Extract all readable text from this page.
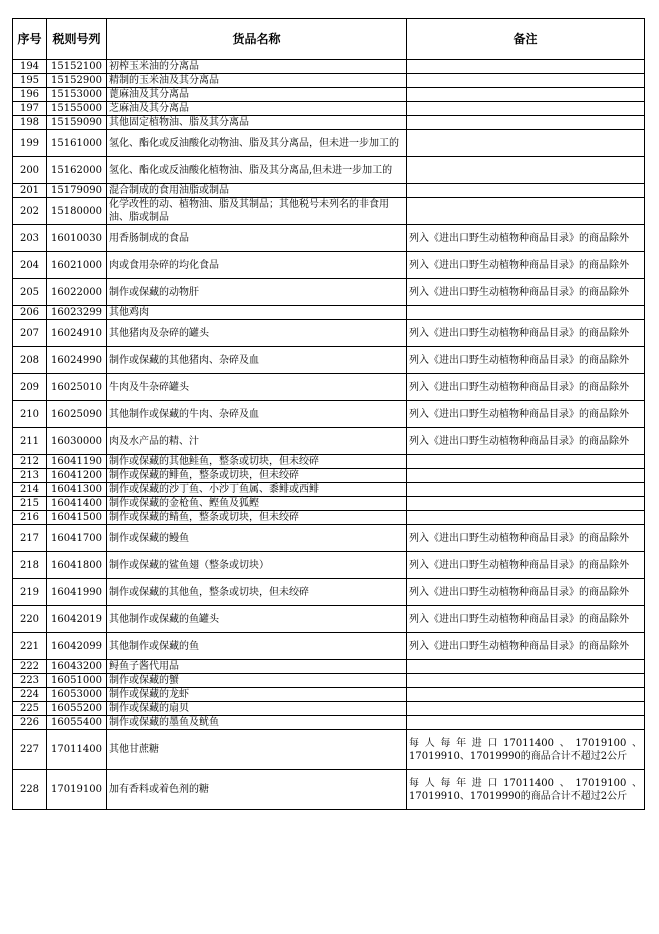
序号	税则号列	货品名称	备注
194	15152100	初榨玉米油的分离品	
195	15152900	精制的玉米油及其分离品	
196	15153000	蓖麻油及其分离品	
197	15155000	芝麻油及其分离品	
198	15159090	其他固定植物油、脂及其分离品	
199	15161000	氢化、酯化或反油酸化动物油、脂及其分离品，但未进一步加工的	
200	15162000	氢化、酯化或反油酸化植物油、脂及其分离品,但未进一步加工的	
201	15179090	混合制成的食用油脂或制品	
202	15180000	化学改性的动、植物油、脂及其制品；其他税号未列名的非食用油、脂或制品	
203	16010030	用香肠制成的食品	列入《进出口野生动植物种商品目录》的商品除外
204	16021000	肉或食用杂碎的均化食品	列入《进出口野生动植物种商品目录》的商品除外
205	16022000	制作或保藏的动物肝	列入《进出口野生动植物种商品目录》的商品除外
206	16023299	其他鸡肉	
207	16024910	其他猪肉及杂碎的罐头	列入《进出口野生动植物种商品目录》的商品除外
208	16024990	制作或保藏的其他猪肉、杂碎及血	列入《进出口野生动植物种商品目录》的商品除外
209	16025010	牛肉及牛杂碎罐头	列入《进出口野生动植物种商品目录》的商品除外
210	16025090	其他制作或保藏的牛肉、杂碎及血	列入《进出口野生动植物种商品目录》的商品除外
211	16030000	肉及水产品的精、汁	列入《进出口野生动植物种商品目录》的商品除外
212	16041190	制作或保藏的其他鲑鱼，整条或切块，但未绞碎	
213	16041200	制作或保藏的鲱鱼，整条或切块，但未绞碎	
214	16041300	制作或保藏的沙丁鱼、小沙丁鱼属、黍鲱或西鲱	
215	16041400	制作或保藏的金枪鱼、鲣鱼及狐鲣	
216	16041500	制作或保藏的鲭鱼，整条或切块，但未绞碎	
217	16041700	制作或保藏的鳗鱼	列入《进出口野生动植物种商品目录》的商品除外
218	16041800	制作或保藏的鲨鱼翅（整条或切块）	列入《进出口野生动植物种商品目录》的商品除外
219	16041990	制作或保藏的其他鱼，整条或切块，但未绞碎	列入《进出口野生动植物种商品目录》的商品除外
220	16042019	其他制作或保藏的鱼罐头	列入《进出口野生动植物种商品目录》的商品除外
221	16042099	其他制作或保藏的鱼	列入《进出口野生动植物种商品目录》的商品除外
222	16043200	鲟鱼子酱代用品	
223	16051000	制作或保藏的蟹	
224	16053000	制作或保藏的龙虾	
225	16055200	制作或保藏的扇贝	
226	16055400	制作或保藏的墨鱼及鱿鱼	
227	17011400	其他甘蔗糖	每人每年进口17011400、17019100、17019910、17019990的商品合计不超过2公斤
228	17019100	加有香料或着色剂的糖	每人每年进口17011400、17019100、17019910、17019990的商品合计不超过2公斤
